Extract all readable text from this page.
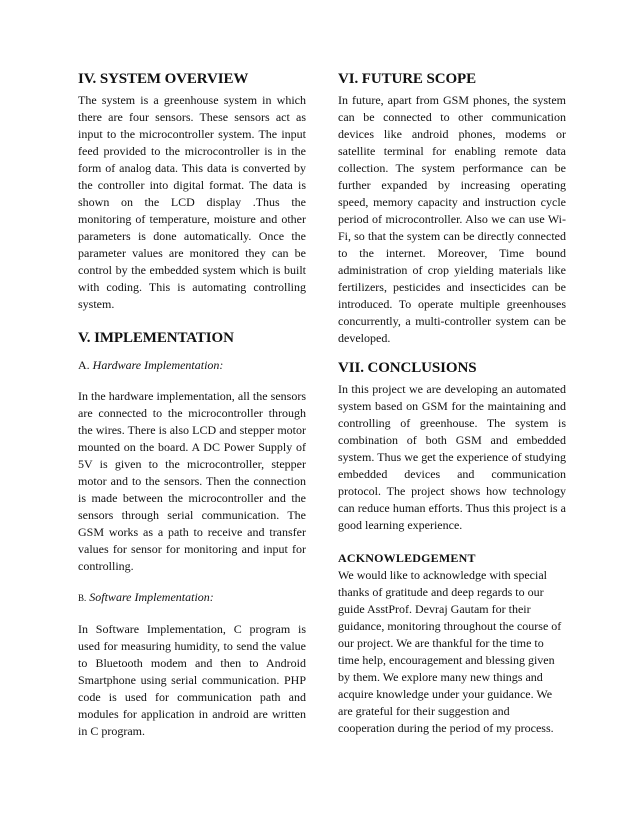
IV. SYSTEM OVERVIEW

The system is a greenhouse system in which there are four sensors. These sensors act as input to the microcontroller system. The input feed provided to the microcontroller is in the form of analog data. This data is converted by the controller into digital format. The data is shown on the LCD display .Thus the monitoring of temperature, moisture and other parameters is done automatically. Once the parameter values are monitored they can be control by the embedded system which is built with coding. This is automating controlling system.

V. IMPLEMENTATION
A. Hardware Implementation:

In the hardware implementation, all the sensors are connected to the microcontroller through the wires. There is also LCD and stepper motor mounted on the board. A DC Power Supply of 5V is given to the microcontroller, stepper motor and to the sensors. Then the connection is made between the microcontroller and the sensors through serial communication. The GSM works as a path to receive and transfer values for sensor for monitoring and input for controlling.

B. Software Implementation:

In Software Implementation, C program is used for measuring humidity, to send the value to Bluetooth modem and then to Android Smartphone using serial communication. PHP code is used for communication path and modules for application in android are written in C program.

VI. FUTURE SCOPE

In future, apart from GSM phones, the system can be connected to other communication devices like android phones, modems or satellite terminal for enabling remote data collection. The system performance can be further expanded by increasing operating speed, memory capacity and instruction cycle period of microcontroller. Also we can use Wi-Fi, so that the system can be directly connected to the internet. Moreover, Time bound administration of crop yielding materials like fertilizers, pesticides and insecticides can be introduced. To operate multiple greenhouses concurrently, a multi-controller system can be developed.

VII. CONCLUSIONS

In this project we are developing an automated system based on GSM for the maintaining and controlling of greenhouse. The system is combination of both GSM and embedded system. Thus we get the experience of studying embedded devices and communication protocol. The project shows how technology can reduce human efforts. Thus this project is a good learning experience.

ACKNOWLEDGEMENT

We would like to acknowledge with special thanks of gratitude and deep regards to our guide AsstProf. Devraj Gautam for their guidance, monitoring throughout the course of our project. We are thankful for the time to time help, encouragement and blessing given by them. We explore many new things and acquire knowledge under your guidance. We are grateful for their suggestion and cooperation during the period of my process.
